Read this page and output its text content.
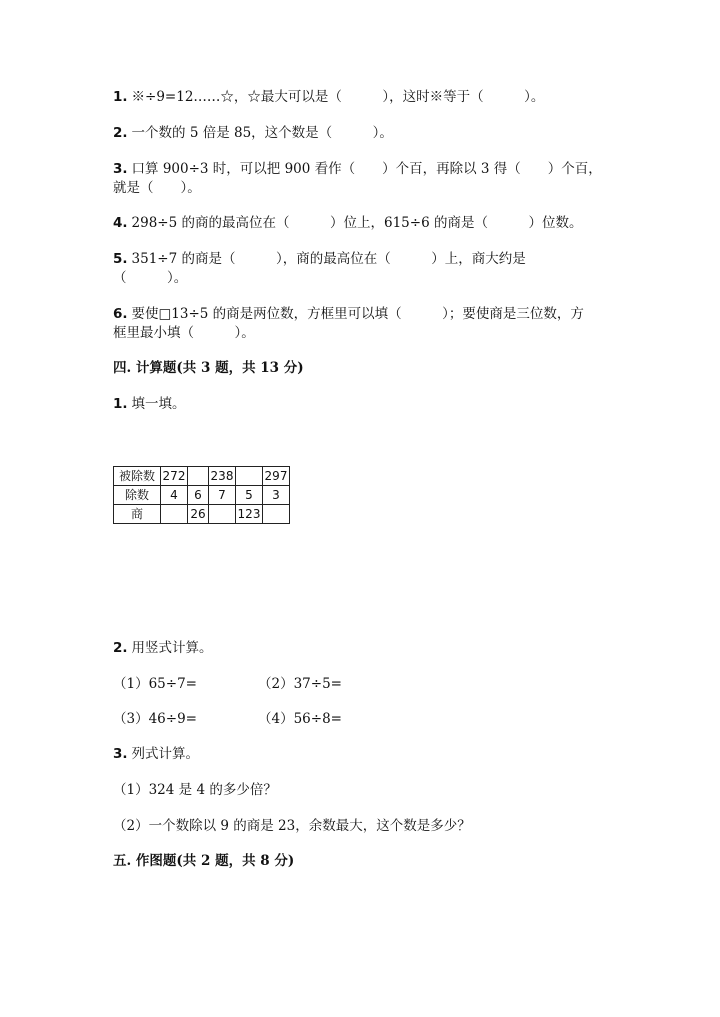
1. ※÷9=12……☆，☆最大可以是（　　　），这时※等于（　　　）。
2. 一个数的 5 倍是 85，这个数是（　　　）。
3. 口算 900÷3 时，可以把 900 看作（　　）个百，再除以 3 得（　　）个百，
就是（　　）。
4. 298÷5 的商的最高位在（　　　）位上，615÷6 的商是（　　　）位数。
5. 351÷7 的商是（　　　），商的最高位在（　　　）上，商大约是
（　　　）。
6. 要使□13÷5 的商是两位数，方框里可以填（　　　）；要使商是三位数，方
框里最小填（　　　）。
四. 计算题(共 3 题，共 13 分)
1. 填一填。
被除数	272		238		297
除数	4	6	7	5	3
商		26		123	
2. 用竖式计算。
（1）65÷7=	（2）37÷5=
（3）46÷9=	（4）56÷8=
3. 列式计算。
（1）324 是 4 的多少倍？
（2）一个数除以 9 的商是 23，余数最大，这个数是多少？
五. 作图题(共 2 题，共 8 分)
